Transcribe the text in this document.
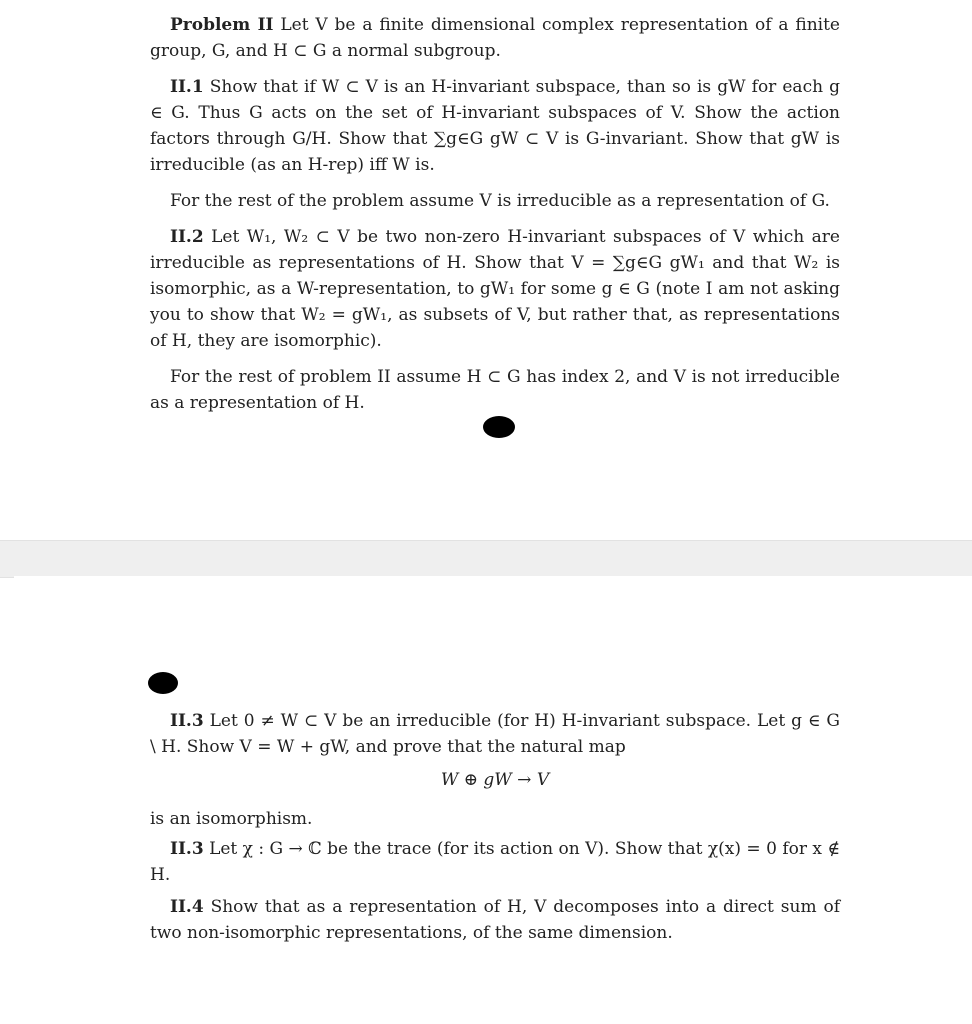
Problem II Let V be a finite dimensional complex representation of a finite group, G, and H ⊂ G a normal subgroup.

II.1 Show that if W ⊂ V is an H-invariant subspace, than so is gW for each g ∈ G. Thus G acts on the set of H-invariant subspaces of V. Show the action factors through G/H. Show that ∑g∈G gW ⊂ V is G-invariant. Show that gW is irreducible (as an H-rep) iff W is.

For the rest of the problem assume V is irreducible as a representation of G.

II.2 Let W₁, W₂ ⊂ V be two non-zero H-invariant subspaces of V which are irreducible as representations of H. Show that V = ∑g∈G gW₁ and that W₂ is isomorphic, as a W-representation, to gW₁ for some g ∈ G (note I am not asking you to show that W₂ = gW₁, as subsets of V, but rather that, as representations of H, they are isomorphic).

For the rest of problem II assume H ⊂ G has index 2, and V is not irreducible as a representation of H.

II.3 Let 0 ≠ W ⊂ V be an irreducible (for H) H-invariant subspace. Let g ∈ G \ H. Show V = W + gW, and prove that the natural map

W ⊕ gW → V

is an isomorphism.

II.3 Let χ : G → ℂ be the trace (for its action on V). Show that χ(x) = 0 for x ∉ H.

II.4 Show that as a representation of H, V decomposes into a direct sum of two non-isomorphic representations, of the same dimension.
